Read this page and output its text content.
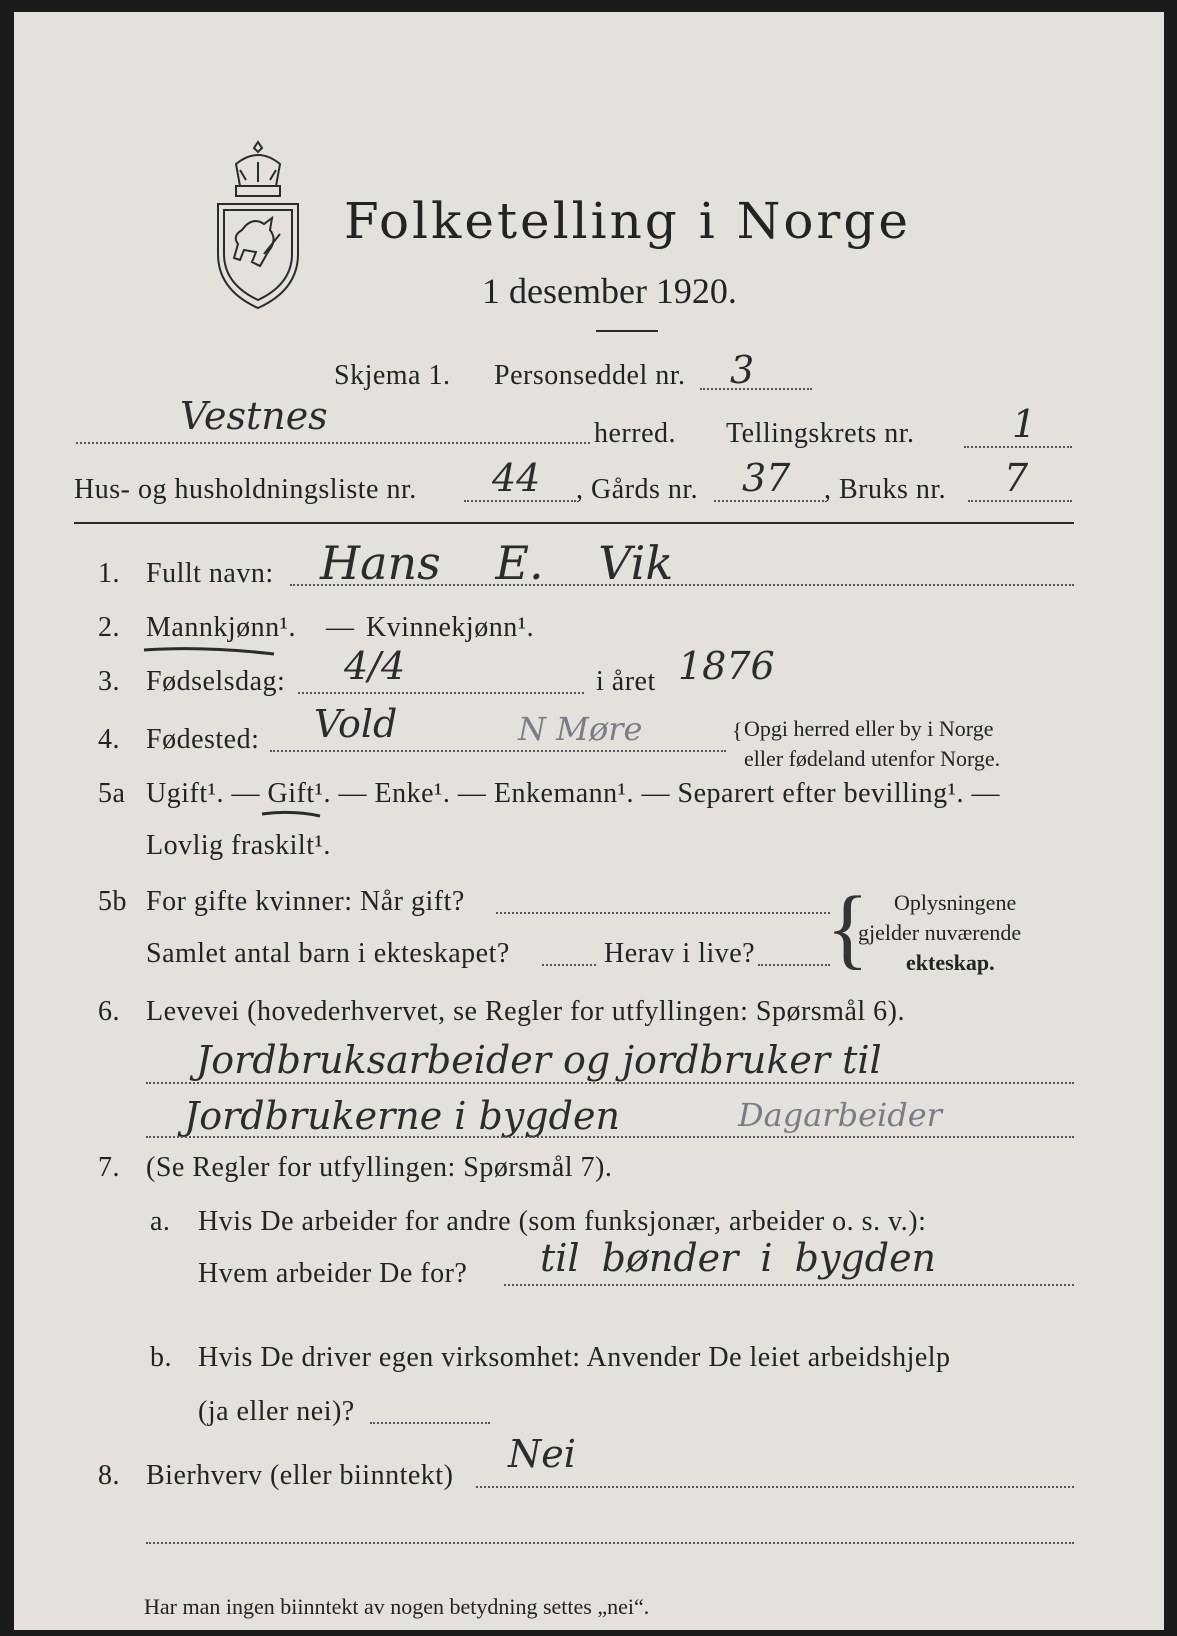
Folketelling i Norge
1 desember 1920.
Skjema 1. Personseddel nr. 3
Vestnes	herred. Tellingskrets nr.	1
Hus- og husholdningsliste nr. 44 , Gårds nr. 37 , Bruks nr. 7
1. Fullt navn: Hans E. Vik
2. Mannkjønn¹. — Kvinnekjønn¹.
3. Fødselsdag: 4/4	i året 1876
4. Fødested: Vold	N Møre	{ Opgi herred eller by i Norge
eller fødeland utenfor Norge.
5a Ugift¹. — Gift¹. — Enke¹. — Enkemann¹. — Separert efter bevilling¹. —
Lovlig fraskilt¹.
5b For gifte kvinner: Når gift?
Samlet antal barn i ekteskapet?	Herav i live? { Oplysningene
gjelder nuværende
ekteskap.
6. Levevei (hovederhvervet, se Regler for utfyllingen: Spørsmål 6).
Jordbruksarbeider og jordbruker til
Jordbrukerne i bygden	Dagarbeider
7. (Se Regler for utfyllingen: Spørsmål 7).
a. Hvis De arbeider for andre (som funksjonær, arbeider o. s. v.):
Hvem arbeider De for? til bønder i bygden
b. Hvis De driver egen virksomhet: Anvender De leiet arbeidshjelp
(ja eller nei)?
8. Bierhverv (eller biinntekt) Nei
Har man ingen biinntekt av nogen betydning settes „nei“.
